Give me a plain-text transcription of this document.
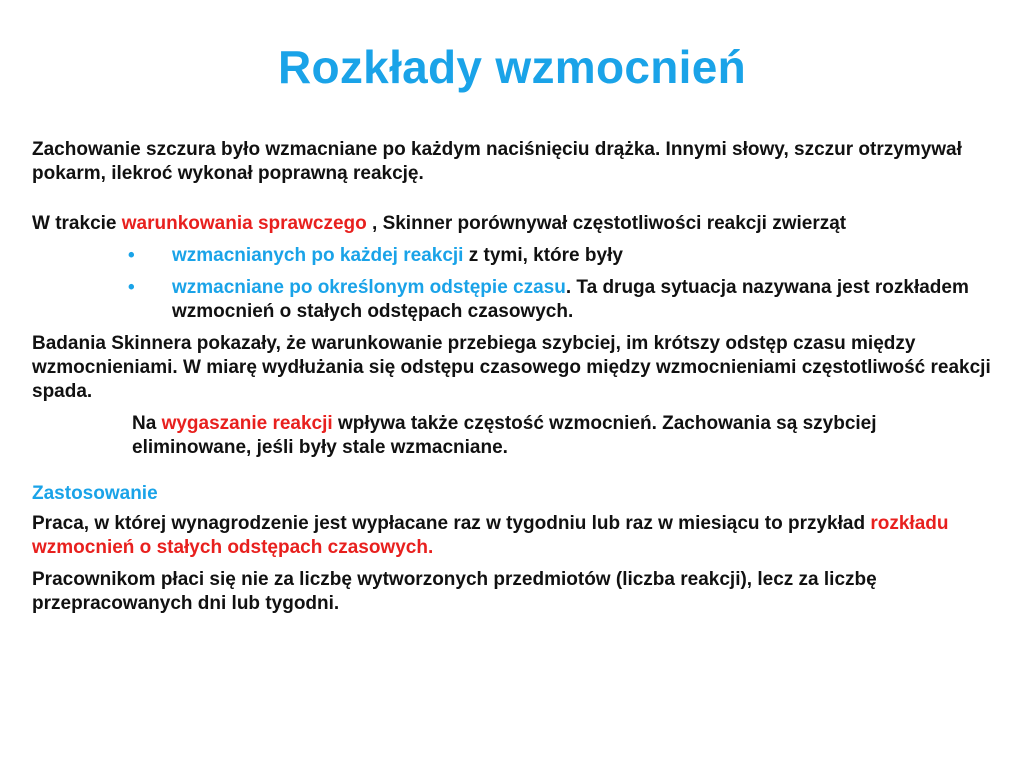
Rozkłady wzmocnień

Zachowanie szczura było wzmacniane po każdym naciśnięciu drążka. Innymi słowy, szczur otrzymywał pokarm, ilekroć wykonał poprawną reakcję.

W trakcie warunkowania sprawczego , Skinner porównywał częstotliwości reakcji zwierząt

• wzmacnianych po każdej reakcji z tymi, które były
• wzmacniane po określonym odstępie czasu. Ta druga sytuacja nazywana jest rozkładem wzmocnień o stałych odstępach czasowych.

Badania Skinnera pokazały, że warunkowanie przebiega szybciej, im krótszy odstęp czasu między wzmocnieniami. W miarę wydłużania się odstępu czasowego między wzmocnieniami częstotliwość reakcji spada.

Na wygaszanie reakcji wpływa także częstość wzmocnień. Zachowania są szybciej eliminowane, jeśli były stale wzmacniane.

Zastosowanie

Praca, w której wynagrodzenie jest wypłacane raz w tygodniu lub raz w miesiącu to przykład rozkładu wzmocnień o stałych odstępach czasowych.

Pracownikom płaci się nie za liczbę wytworzonych przedmiotów (liczba reakcji), lecz za liczbę przepracowanych dni lub tygodni.
